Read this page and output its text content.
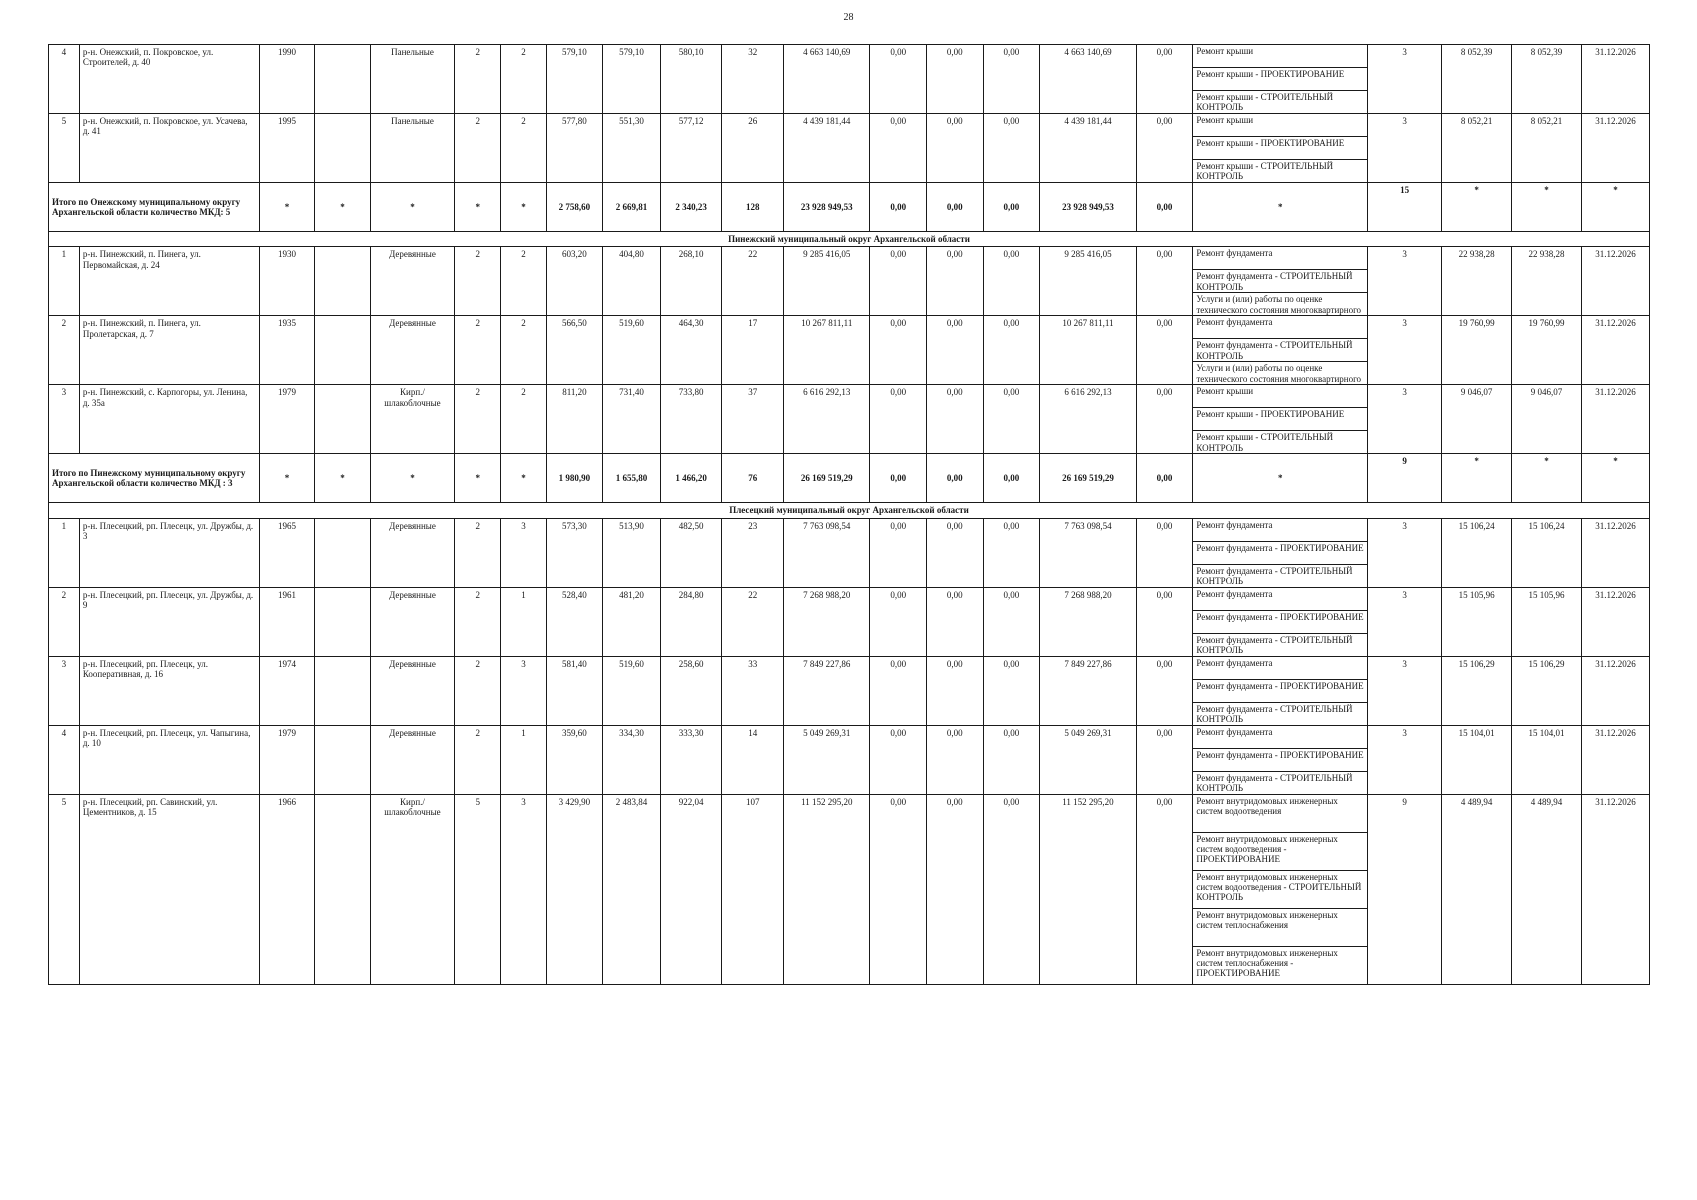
28
4	р-н. Онежский, п. Покровское, ул. Строителей, д. 40	1990		Панельные	2	2	579,10	579,10	580,10	32	4 663 140,69	0,00	0,00	0,00	4 663 140,69	0,00	Ремонт крыши
Ремонт крыши - ПРОЕКТИРОВАНИЕ
Ремонт крыши - СТРОИТЕЛЬНЫЙ КОНТРОЛЬ	3	8 052,39	8 052,39	31.12.2026
5	р-н. Онежский, п. Покровское, ул. Усачева, д. 41	1995		Панельные	2	2	577,80	551,30	577,12	26	4 439 181,44	0,00	0,00	0,00	4 439 181,44	0,00	Ремонт крыши
Ремонт крыши - ПРОЕКТИРОВАНИЕ
Ремонт крыши - СТРОИТЕЛЬНЫЙ КОНТРОЛЬ	3	8 052,21	8 052,21	31.12.2026
Итого по Онежскому муниципальному округу Архангельской области количество МКД: 5		*	*	*	*	*	2 758,60	2 669,81	2 340,23	128	23 928 949,53	0,00	0,00	0,00	23 928 949,53	0,00	*	15	*	*	*
Пинежский муниципальный округ Архангельской области																					
1	р-н. Пинежский, п. Пинега, ул. Первомайская, д. 24	1930		Деревянные	2	2	603,20	404,80	268,10	22	9 285 416,05	0,00	0,00	0,00	9 285 416,05	0,00	Ремонт фундамента
Ремонт фундамента - СТРОИТЕЛЬНЫЙ КОНТРОЛЬ
Услуги и (или) работы по оценке технического состояния многоквартирного	3	22 938,28	22 938,28	31.12.2026
2	р-н. Пинежский, п. Пинега, ул. Пролетарская, д. 7	1935		Деревянные	2	2	566,50	519,60	464,30	17	10 267 811,11	0,00	0,00	0,00	10 267 811,11	0,00	Ремонт фундамента
Ремонт фундамента - СТРОИТЕЛЬНЫЙ КОНТРОЛЬ
Услуги и (или) работы по оценке технического состояния многоквартирного	3	19 760,99	19 760,99	31.12.2026
3	р-н. Пинежский, с. Карпогоры, ул. Ленина, д. 35а	1979		Кирп./шлакоблочные	2	2	811,20	731,40	733,80	37	6 616 292,13	0,00	0,00	0,00	6 616 292,13	0,00	Ремонт крыши
Ремонт крыши - ПРОЕКТИРОВАНИЕ
Ремонт крыши - СТРОИТЕЛЬНЫЙ КОНТРОЛЬ	3	9 046,07	9 046,07	31.12.2026
Итого по Пинежскому муниципальному округу Архангельской области количество МКД : 3		*	*	*	*	*	1 980,90	1 655,80	1 466,20	76	26 169 519,29	0,00	0,00	0,00	26 169 519,29	0,00	*	9	*	*	*
Плесецкий муниципальный округ Архангельской области																					
1	р-н. Плесецкий, рп. Плесецк, ул. Дружбы, д. 3	1965		Деревянные	2	3	573,30	513,90	482,50	23	7 763 098,54	0,00	0,00	0,00	7 763 098,54	0,00	Ремонт фундамента
Ремонт фундамента - ПРОЕКТИРОВАНИЕ
Ремонт фундамента - СТРОИТЕЛЬНЫЙ КОНТРОЛЬ	3	15 106,24	15 106,24	31.12.2026
2	р-н. Плесецкий, рп. Плесецк, ул. Дружбы, д. 9	1961		Деревянные	2	1	528,40	481,20	284,80	22	7 268 988,20	0,00	0,00	0,00	7 268 988,20	0,00	Ремонт фундамента
Ремонт фундамента - ПРОЕКТИРОВАНИЕ
Ремонт фундамента - СТРОИТЕЛЬНЫЙ КОНТРОЛЬ	3	15 105,96	15 105,96	31.12.2026
3	р-н. Плесецкий, рп. Плесецк, ул. Кооперативная, д. 16	1974		Деревянные	2	3	581,40	519,60	258,60	33	7 849 227,86	0,00	0,00	0,00	7 849 227,86	0,00	Ремонт фундамента
Ремонт фундамента - ПРОЕКТИРОВАНИЕ
Ремонт фундамента - СТРОИТЕЛЬНЫЙ КОНТРОЛЬ	3	15 106,29	15 106,29	31.12.2026
4	р-н. Плесецкий, рп. Плесецк, ул. Чапыгина, д. 10	1979		Деревянные	2	1	359,60	334,30	333,30	14	5 049 269,31	0,00	0,00	0,00	5 049 269,31	0,00	Ремонт фундамента
Ремонт фундамента - ПРОЕКТИРОВАНИЕ
Ремонт фундамента - СТРОИТЕЛЬНЫЙ КОНТРОЛЬ	3	15 104,01	15 104,01	31.12.2026
5	р-н. Плесецкий, рп. Савинский, ул. Цементников, д. 15	1966		Кирп./шлакоблочные	5	3	3 429,90	2 483,84	922,04	107	11 152 295,20	0,00	0,00	0,00	11 152 295,20	0,00	Ремонт внутридомовых инженерных систем водоотведения
Ремонт внутридомовых инженерных систем водоотведения - ПРОЕКТИРОВАНИЕ
Ремонт внутридомовых инженерных систем водоотведения - СТРОИТЕЛЬНЫЙ КОНТРОЛЬ
Ремонт внутридомовых инженерных систем теплоснабжения
Ремонт внутридомовых инженерных систем теплоснабжения - ПРОЕКТИРОВАНИЕ	9	4 489,94	4 489,94	31.12.2026
